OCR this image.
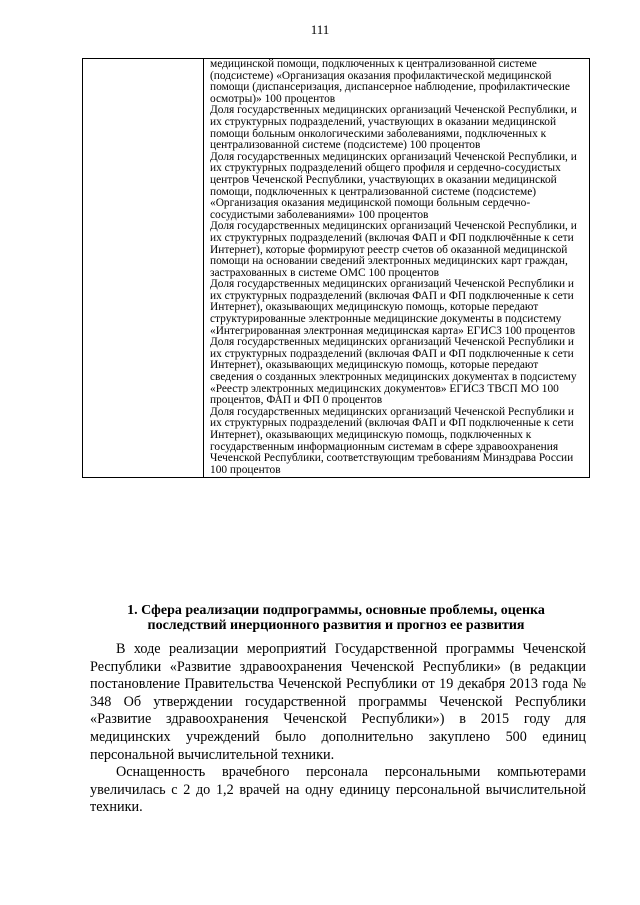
111

медицинской помощи, подключенных к централизованной системе (подсистеме) «Организация оказания профилактической медицинской помощи (диспансеризация, диспансерное наблюдение, профилактические осмотры)» 100 процентов

Доля государственных медицинских организаций Чеченской Республики, и их структурных подразделений, участвующих в оказании медицинской помощи больным онкологическими заболеваниями, подключенных к централизованной системе (подсистеме) 100 процентов

Доля государственных медицинских организаций Чеченской Республики, и их структурных подразделений общего профиля и сердечно-сосудистых центров Чеченской Республики, участвующих в оказании медицинской помощи, подключенных к централизованной системе (подсистеме) «Организация оказания медицинской помощи больным сердечно-сосудистыми заболеваниями» 100 процентов

Доля государственных медицинских организаций Чеченской Республики, и их структурных подразделений (включая ФАП и ФП подключённые к сети Интернет), которые формируют реестр счетов об оказанной медицинской помощи на основании сведений электронных медицинских карт граждан, застрахованных в системе ОМС 100 процентов

Доля государственных медицинских организаций Чеченской Республики и их структурных подразделений (включая ФАП и ФП подключенные к сети Интернет), оказывающих медицинскую помощь, которые передают структурированные электронные медицинские документы в подсистему «Интегрированная электронная медицинская карта» ЕГИСЗ 100 процентов

Доля государственных медицинских организаций Чеченской Республики и их структурных подразделений (включая ФАП и ФП подключенные к сети Интернет), оказывающих медицинскую помощь, которые передают сведения о созданных электронных медицинских документах в подсистему «Реестр электронных медицинских документов» ЕГИСЗ ТВСП МО 100 процентов, ФАП и ФП 0 процентов

Доля государственных медицинских организаций Чеченской Республики и их структурных подразделений (включая ФАП и ФП подключенные к сети Интернет), оказывающих медицинскую помощь, подключенных к государственным информационным системам в сфере здравоохранения Чеченской Республики, соответствующим требованиям Минздрава России 100 процентов

1. Сфера реализации подпрограммы, основные проблемы, оценка
последствий инерционного развития и прогноз ее развития

В ходе реализации мероприятий Государственной программы Чеченской Республики «Развитие здравоохранения Чеченской Республики» (в редакции постановление Правительства Чеченской Республики от 19 декабря 2013 года № 348 Об утверждении государственной программы Чеченской Республики «Развитие здравоохранения Чеченской Республики») в 2015 году для медицинских учреждений было дополнительно закуплено 500 единиц персональной вычислительной техники.

Оснащенность врачебного персонала персональными компьютерами увеличилась с 2 до 1,2 врачей на одну единицу персональной вычислительной техники.
